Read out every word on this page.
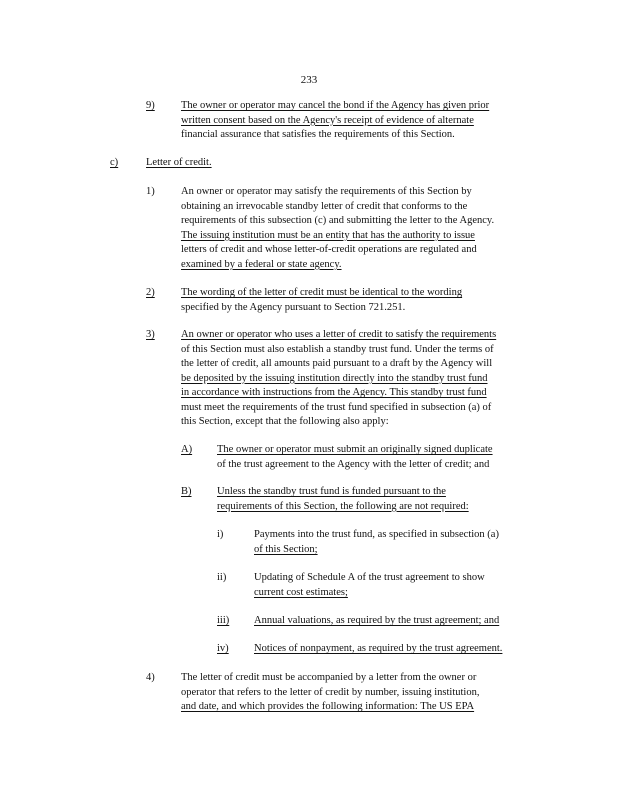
233
9)	The owner or operator may cancel the bond if the Agency has given prior
written consent based on the Agency's receipt of evidence of alternate
financial assurance that satisfies the requirements of this Section.
c)	Letter of credit.
1)	An owner or operator may satisfy the requirements of this Section by
obtaining an irrevocable standby letter of credit that conforms to the
requirements of this subsection (c) and submitting the letter to the Agency.
The issuing institution must be an entity that has the authority to issue
letters of credit and whose letter-of-credit operations are regulated and
examined by a federal or state agency.
2)	The wording of the letter of credit must be identical to the wording
specified by the Agency pursuant to Section 721.251.
3)	An owner or operator who uses a letter of credit to satisfy the requirements
of this Section must also establish a standby trust fund. Under the terms of
the letter of credit, all amounts paid pursuant to a draft by the Agency will
be deposited by the issuing institution directly into the standby trust fund
in accordance with instructions from the Agency. This standby trust fund
must meet the requirements of the trust fund specified in subsection (a) of
this Section, except that the following also apply:
A) The owner or operator must submit an originally signed duplicate
of the trust agreement to the Agency with the letter of credit; and
B) Unless the standby trust fund is funded pursuant to the
requirements of this Section, the following are not required:
i)	Payments into the trust fund, as specified in subsection (a)
of this Section;
ii)	Updating of Schedule A of the trust agreement to show
current cost estimates;
iii) Annual valuations, as required by the trust agreement; and
iv) Notices of nonpayment, as required by the trust agreement.
4)	The letter of credit must be accompanied by a letter from the owner or
operator that refers to the letter of credit by number, issuing institution,
and date, and which provides the following information: The US EPA
